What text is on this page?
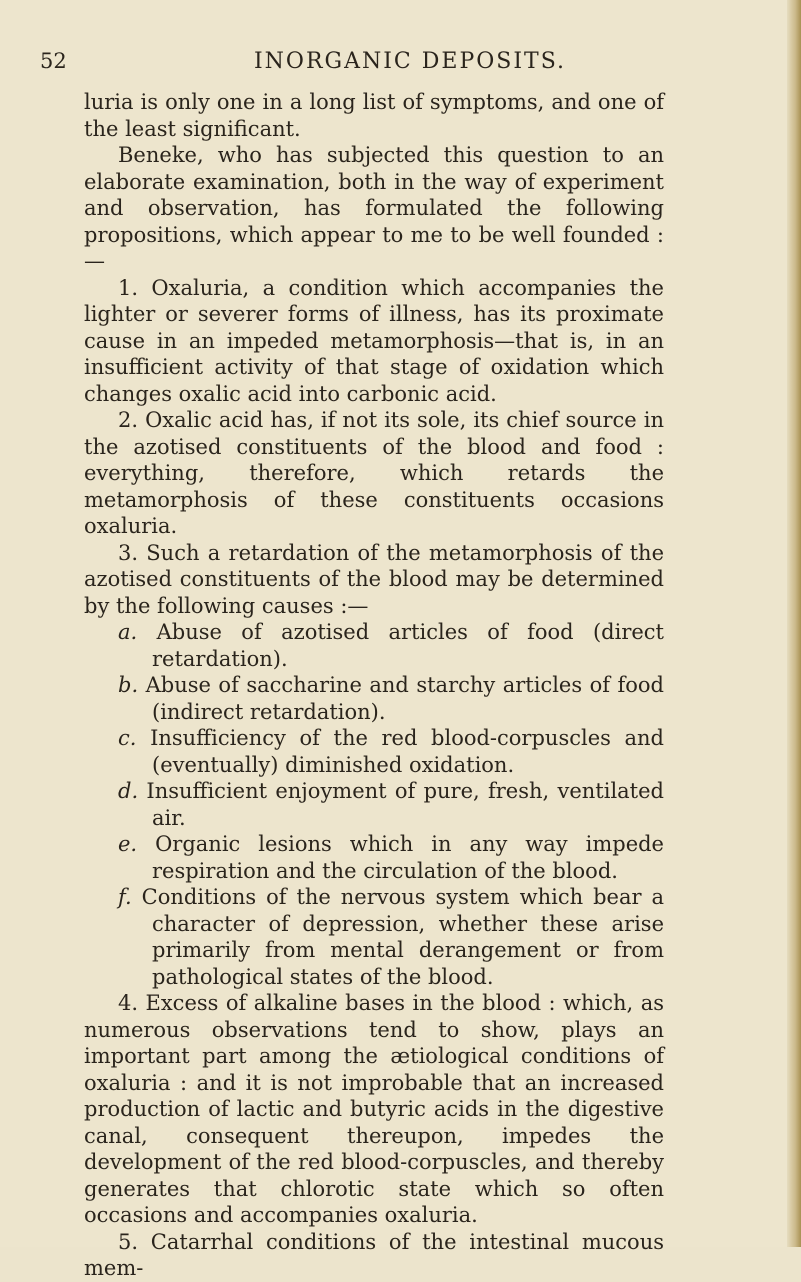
52	INORGANIC DEPOSITS.

luria is only one in a long list of symptoms, and one of the least significant.

Beneke, who has subjected this question to an elaborate examination, both in the way of experiment and observation, has formulated the following propositions, which appear to me to be well founded :—

1. Oxaluria, a condition which accompanies the lighter or severer forms of illness, has its proximate cause in an impeded metamorphosis—that is, in an insufficient activity of that stage of oxidation which changes oxalic acid into carbonic acid.

2. Oxalic acid has, if not its sole, its chief source in the azotised constituents of the blood and food : everything, therefore, which retards the metamorphosis of these constituents occasions oxaluria.

3. Such a retardation of the metamorphosis of the azotised constituents of the blood may be determined by the following causes :—

a. Abuse of azotised articles of food (direct retardation).

b. Abuse of saccharine and starchy articles of food (indirect retardation).

c. Insufficiency of the red blood-corpuscles and (eventually) diminished oxidation.

d. Insufficient enjoyment of pure, fresh, ventilated air.

e. Organic lesions which in any way impede respiration and the circulation of the blood.

f. Conditions of the nervous system which bear a character of depression, whether these arise primarily from mental derangement or from pathological states of the blood.

4. Excess of alkaline bases in the blood : which, as numerous observations tend to show, plays an important part among the ætiological conditions of oxaluria : and it is not improbable that an increased production of lactic and butyric acids in the digestive canal, consequent thereupon, impedes the development of the red blood-corpuscles, and thereby generates that chlorotic state which so often occasions and accompanies oxaluria.

5. Catarrhal conditions of the intestinal mucous mem-
